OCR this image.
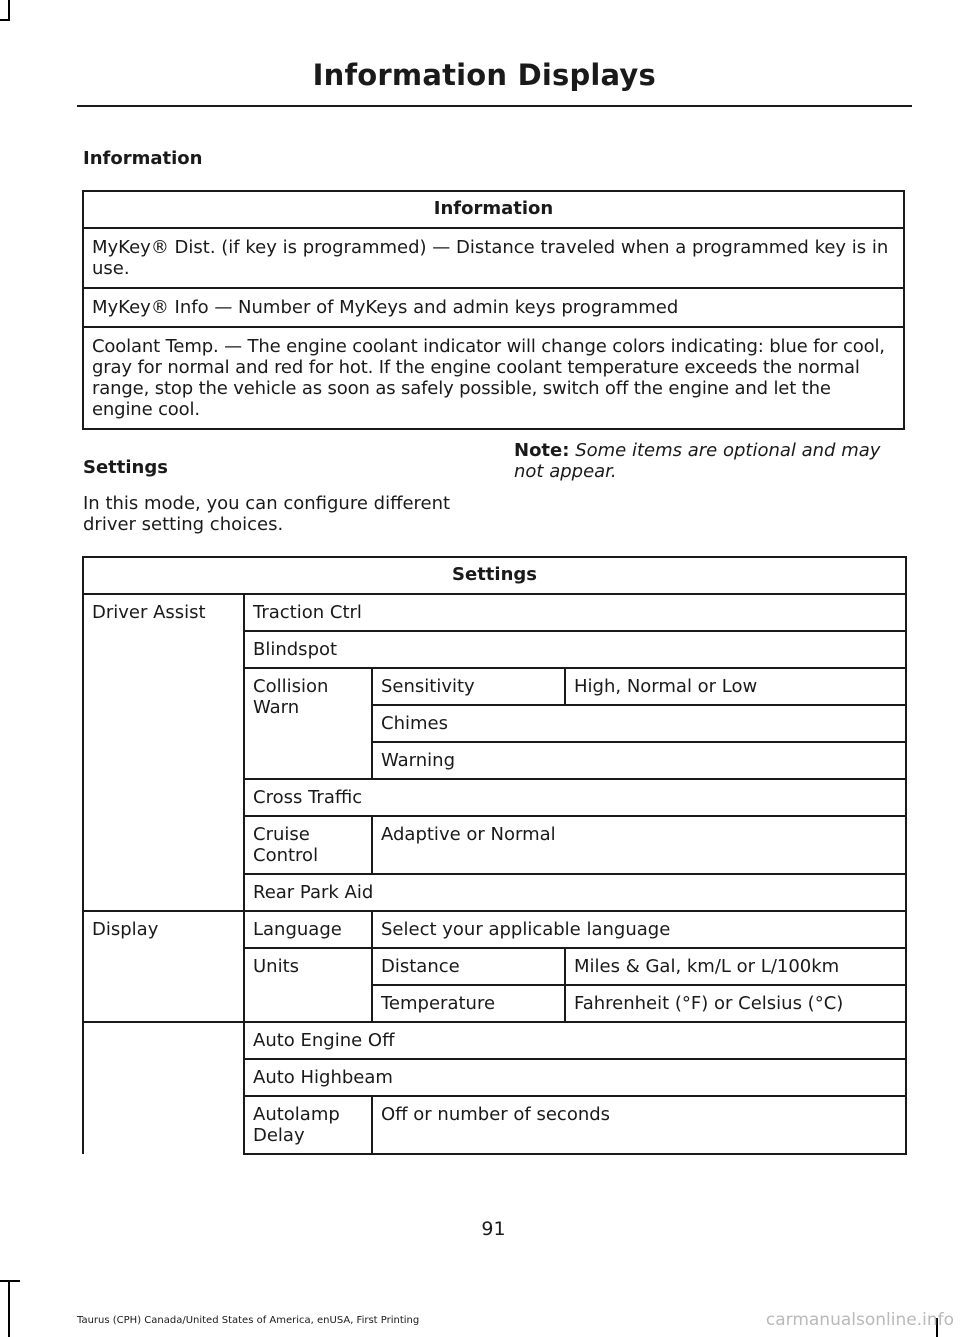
Information Displays
Information
Information
MyKey® Dist. (if key is programmed) — Distance traveled when a programmed key is in use.
MyKey® Info — Number of MyKeys and admin keys programmed
Coolant Temp. — The engine coolant indicator will change colors indicating: blue for cool, gray for normal and red for hot. If the engine coolant temperature exceeds the normal range, stop the vehicle as soon as safely possible, switch off the engine and let the engine cool.
Settings
In this mode, you can configure different driver setting choices.
Note: Some items are optional and may not appear.
Settings			
Driver Assist	Traction Ctrl		
	Blindspot		
	Collision Warn	Sensitivity	High, Normal or Low
		Chimes	
		Warning	
	Cross Traffic		
	Cruise Control	Adaptive or Normal	
	Rear Park Aid		
Display	Language	Select your applicable language	
	Units	Distance	Miles & Gal, km/L or L/100km
		Temperature	Fahrenheit (°F) or Celsius (°C)
	Auto Engine Off		
	Auto Highbeam		
	Autolamp Delay	Off or number of seconds	
91
Taurus (CPH) Canada/United States of America, enUSA, First Printing	carmanualsonline.info
